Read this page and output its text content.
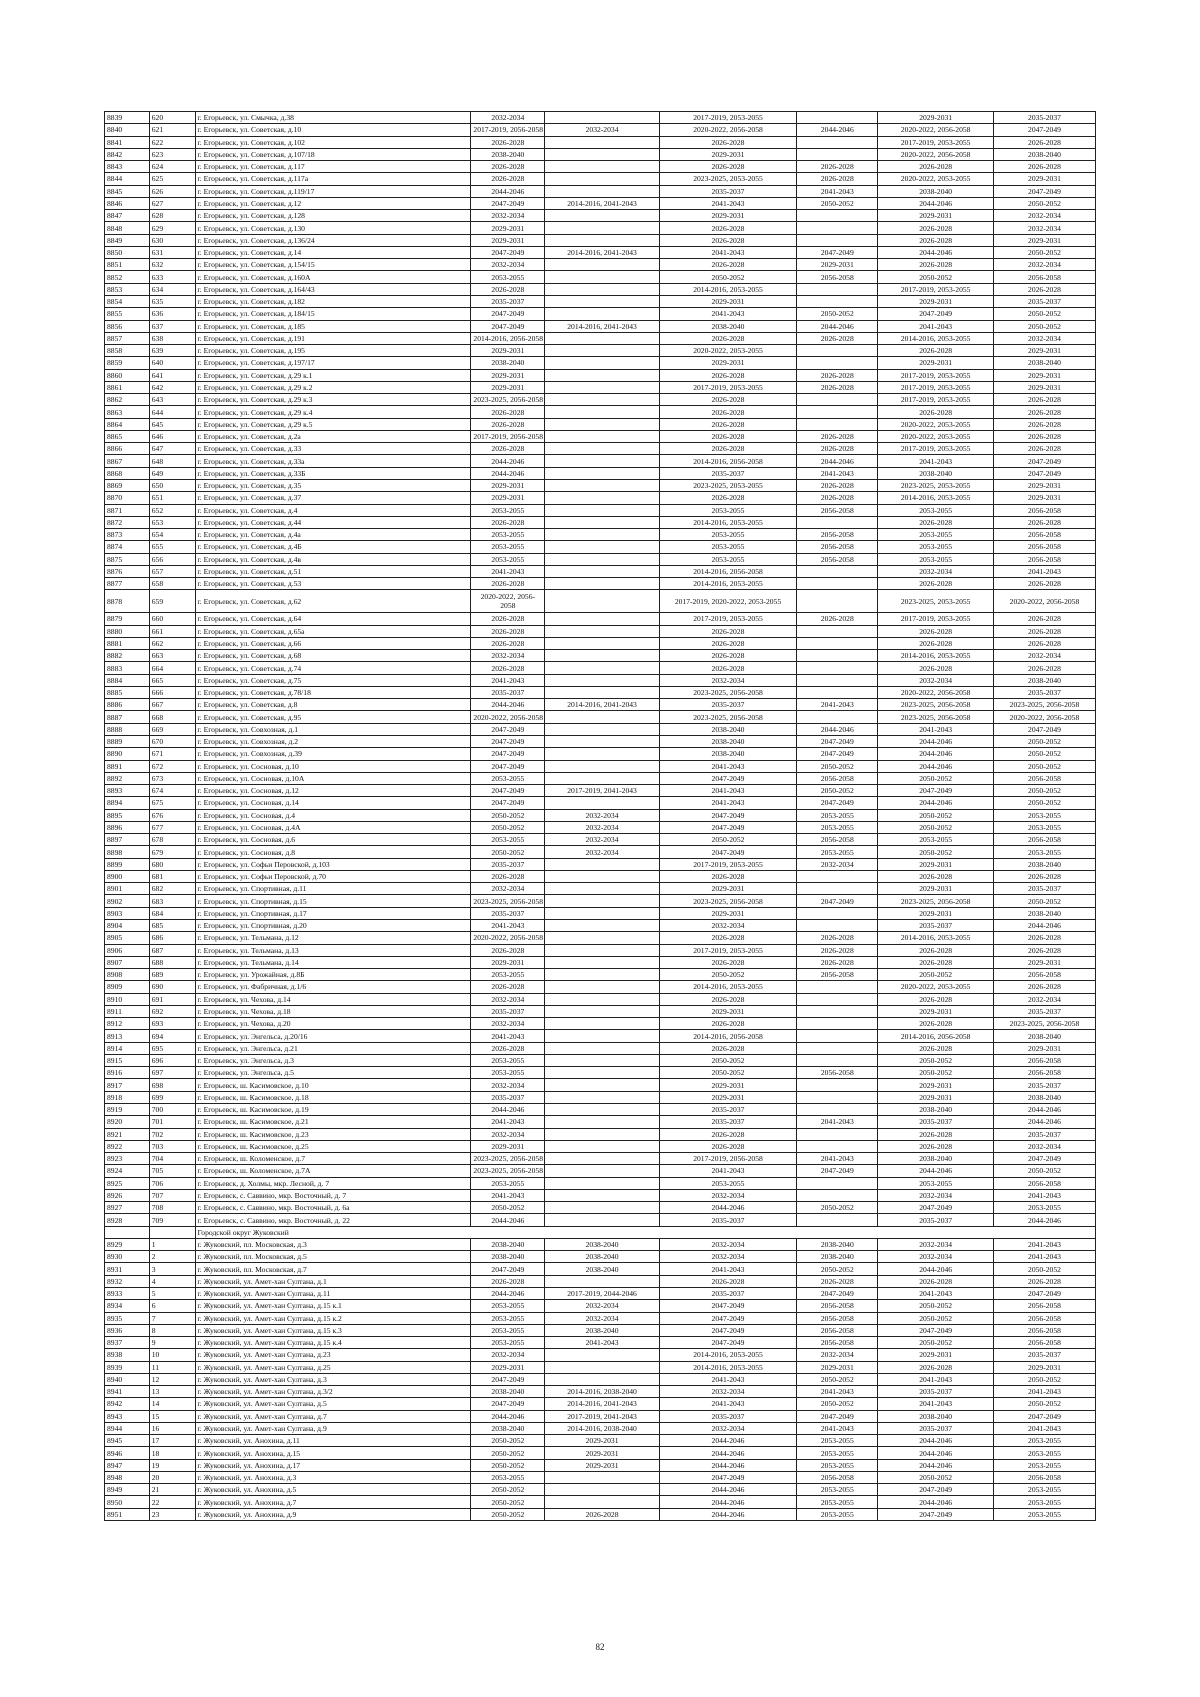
8839	620	г. Егорьевск, ул. Смычка, д.38	2032-2034		2017-2019, 2053-2055		2029-2031	2035-2037
8840	621	г. Егорьевск, ул. Советская, д.10	2017-2019, 2056-2058	2032-2034	2020-2022, 2056-2058	2044-2046	2020-2022, 2056-2058	2047-2049
8841	622	г. Егорьевск, ул. Советская, д.102	2026-2028		2026-2028		2017-2019, 2053-2055	2026-2028
8842	623	г. Егорьевск, ул. Советская, д.107/18	2038-2040		2029-2031		2020-2022, 2056-2058	2038-2040
8843	624	г. Егорьевск, ул. Советская, д.117	2026-2028		2026-2028	2026-2028	2026-2028	2026-2028
8844	625	г. Егорьевск, ул. Советская, д.117а	2026-2028		2023-2025, 2053-2055	2026-2028	2020-2022, 2053-2055	2029-2031
8845	626	г. Егорьевск, ул. Советская, д.119/17	2044-2046		2035-2037	2041-2043	2038-2040	2047-2049
8846	627	г. Егорьевск, ул. Советская, д.12	2047-2049	2014-2016, 2041-2043	2041-2043	2050-2052	2044-2046	2050-2052
8847	628	г. Егорьевск, ул. Советская, д.128	2032-2034		2029-2031		2029-2031	2032-2034
8848	629	г. Егорьевск, ул. Советская, д.130	2029-2031		2026-2028		2026-2028	2032-2034
8849	630	г. Егорьевск, ул. Советская, д.136/24	2029-2031		2026-2028		2026-2028	2029-2031
8850	631	г. Егорьевск, ул. Советская, д.14	2047-2049	2014-2016, 2041-2043	2041-2043	2047-2049	2044-2046	2050-2052
8851	632	г. Егорьевск, ул. Советская, д.154/15	2032-2034		2026-2028	2029-2031	2026-2028	2032-2034
8852	633	г. Егорьевск, ул. Советская, д.160А	2053-2055		2050-2052	2056-2058	2050-2052	2056-2058
8853	634	г. Егорьевск, ул. Советская, д.164/43	2026-2028		2014-2016, 2053-2055		2017-2019, 2053-2055	2026-2028
8854	635	г. Егорьевск, ул. Советская, д.182	2035-2037		2029-2031		2029-2031	2035-2037
8855	636	г. Егорьевск, ул. Советская, д.184/15	2047-2049		2041-2043	2050-2052	2047-2049	2050-2052
8856	637	г. Егорьевск, ул. Советская, д.185	2047-2049	2014-2016, 2041-2043	2038-2040	2044-2046	2041-2043	2050-2052
8857	638	г. Егорьевск, ул. Советская, д.191	2014-2016, 2056-2058		2026-2028	2026-2028	2014-2016, 2053-2055	2032-2034
8858	639	г. Егорьевск, ул. Советская, д.195	2029-2031		2020-2022, 2053-2055		2026-2028	2029-2031
8859	640	г. Егорьевск, ул. Советская, д.197/17	2038-2040		2029-2031		2029-2031	2038-2040
8860	641	г. Егорьевск, ул. Советская, д.29 к.1	2029-2031		2026-2028	2026-2028	2017-2019, 2053-2055	2029-2031
8861	642	г. Егорьевск, ул. Советская, д.29 к.2	2029-2031		2017-2019, 2053-2055	2026-2028	2017-2019, 2053-2055	2029-2031
8862	643	г. Егорьевск, ул. Советская, д.29 к.3	2023-2025, 2056-2058		2026-2028		2017-2019, 2053-2055	2026-2028
8863	644	г. Егорьевск, ул. Советская, д.29 к.4	2026-2028		2026-2028		2026-2028	2026-2028
8864	645	г. Егорьевск, ул. Советская, д.29 к.5	2026-2028		2026-2028		2020-2022, 2053-2055	2026-2028
8865	646	г. Егорьевск, ул. Советская, д.2а	2017-2019, 2056-2058		2026-2028	2026-2028	2020-2022, 2053-2055	2026-2028
8866	647	г. Егорьевск, ул. Советская, д.33	2026-2028		2026-2028	2026-2028	2017-2019, 2053-2055	2026-2028
8867	648	г. Егорьевск, ул. Советская, д.33а	2044-2046		2014-2016, 2056-2058	2044-2046	2041-2043	2047-2049
8868	649	г. Егорьевск, ул. Советская, д.33Б	2044-2046		2035-2037	2041-2043	2038-2040	2047-2049
8869	650	г. Егорьевск, ул. Советская, д.35	2029-2031		2023-2025, 2053-2055	2026-2028	2023-2025, 2053-2055	2029-2031
8870	651	г. Егорьевск, ул. Советская, д.37	2029-2031		2026-2028	2026-2028	2014-2016, 2053-2055	2029-2031
8871	652	г. Егорьевск, ул. Советская, д.4	2053-2055		2053-2055	2056-2058	2053-2055	2056-2058
8872	653	г. Егорьевск, ул. Советская, д.44	2026-2028		2014-2016, 2053-2055		2026-2028	2026-2028
8873	654	г. Егорьевск, ул. Советская, д.4а	2053-2055		2053-2055	2056-2058	2053-2055	2056-2058
8874	655	г. Егорьевск, ул. Советская, д.4Б	2053-2055		2053-2055	2056-2058	2053-2055	2056-2058
8875	656	г. Егорьевск, ул. Советская, д.4в	2053-2055		2053-2055	2056-2058	2053-2055	2056-2058
8876	657	г. Егорьевск, ул. Советская, д.51	2041-2043		2014-2016, 2056-2058		2032-2034	2041-2043
8877	658	г. Егорьевск, ул. Советская, д.53	2026-2028		2014-2016, 2053-2055		2026-2028	2026-2028
8878	659	г. Егорьевск, ул. Советская, д.62	2020-2022, 2056-2058		2017-2019, 2020-2022, 2053-2055		2023-2025, 2053-2055	2020-2022, 2056-2058
8879	660	г. Егорьевск, ул. Советская, д.64	2026-2028		2017-2019, 2053-2055	2026-2028	2017-2019, 2053-2055	2026-2028
8880	661	г. Егорьевск, ул. Советская, д.65а	2026-2028		2026-2028		2026-2028	2026-2028
8881	662	г. Егорьевск, ул. Советская, д.66	2026-2028		2026-2028		2026-2028	2026-2028
8882	663	г. Егорьевск, ул. Советская, д.68	2032-2034		2026-2028		2014-2016, 2053-2055	2032-2034
8883	664	г. Егорьевск, ул. Советская, д.74	2026-2028		2026-2028		2026-2028	2026-2028
8884	665	г. Егорьевск, ул. Советская, д.75	2041-2043		2032-2034		2032-2034	2038-2040
8885	666	г. Егорьевск, ул. Советская, д.78/18	2035-2037		2023-2025, 2056-2058		2020-2022, 2056-2058	2035-2037
8886	667	г. Егорьевск, ул. Советская, д.8	2044-2046	2014-2016, 2041-2043	2035-2037	2041-2043	2023-2025, 2056-2058	2023-2025, 2056-2058
8887	668	г. Егорьевск, ул. Советская, д.95	2020-2022, 2056-2058		2023-2025, 2056-2058		2023-2025, 2056-2058	2020-2022, 2056-2058
8888	669	г. Егорьевск, ул. Совхозная, д.1	2047-2049		2038-2040	2044-2046	2041-2043	2047-2049
8889	670	г. Егорьевск, ул. Совхозная, д.2	2047-2049		2038-2040	2047-2049	2044-2046	2050-2052
8890	671	г. Егорьевск, ул. Совхозная, д.39	2047-2049		2038-2040	2047-2049	2044-2046	2050-2052
8891	672	г. Егорьевск, ул. Сосновая, д.10	2047-2049		2041-2043	2050-2052	2044-2046	2050-2052
8892	673	г. Егорьевск, ул. Сосновая, д.10А	2053-2055		2047-2049	2056-2058	2050-2052	2056-2058
8893	674	г. Егорьевск, ул. Сосновая, д.12	2047-2049	2017-2019, 2041-2043	2041-2043	2050-2052	2047-2049	2050-2052
8894	675	г. Егорьевск, ул. Сосновая, д.14	2047-2049		2041-2043	2047-2049	2044-2046	2050-2052
8895	676	г. Егорьевск, ул. Сосновая, д.4	2050-2052	2032-2034	2047-2049	2053-2055	2050-2052	2053-2055
8896	677	г. Егорьевск, ул. Сосновая, д.4А	2050-2052	2032-2034	2047-2049	2053-2055	2050-2052	2053-2055
8897	678	г. Егорьевск, ул. Сосновая, д.6	2053-2055	2032-2034	2050-2052	2056-2058	2053-2055	2056-2058
8898	679	г. Егорьевск, ул. Сосновая, д.8	2050-2052	2032-2034	2047-2049	2053-2055	2050-2052	2053-2055
8899	680	г. Егорьевск, ул. Софьи Перовской, д.103	2035-2037		2017-2019, 2053-2055	2032-2034	2029-2031	2038-2040
8900	681	г. Егорьевск, ул. Софьи Перовской, д.70	2026-2028		2026-2028		2026-2028	2026-2028
8901	682	г. Егорьевск, ул. Спортивная, д.11	2032-2034		2029-2031		2029-2031	2035-2037
8902	683	г. Егорьевск, ул. Спортивная, д.15	2023-2025, 2056-2058		2023-2025, 2056-2058	2047-2049	2023-2025, 2056-2058	2050-2052
8903	684	г. Егорьевск, ул. Спортивная, д.17	2035-2037		2029-2031		2029-2031	2038-2040
8904	685	г. Егорьевск, ул. Спортивная, д.20	2041-2043		2032-2034		2035-2037	2044-2046
8905	686	г. Егорьевск, ул. Тельмана, д.12	2020-2022, 2056-2058		2026-2028	2026-2028	2014-2016, 2053-2055	2026-2028
8906	687	г. Егорьевск, ул. Тельмана, д.13	2026-2028		2017-2019, 2053-2055	2026-2028	2026-2028	2026-2028
8907	688	г. Егорьевск, ул. Тельмана, д.14	2029-2031		2026-2028	2026-2028	2026-2028	2029-2031
8908	689	г. Егорьевск, ул. Урожайная, д.8Б	2053-2055		2050-2052	2056-2058	2050-2052	2056-2058
8909	690	г. Егорьевск, ул. Фабричная, д.1/6	2026-2028		2014-2016, 2053-2055		2020-2022, 2053-2055	2026-2028
8910	691	г. Егорьевск, ул. Чехова, д.14	2032-2034		2026-2028		2026-2028	2032-2034
8911	692	г. Егорьевск, ул. Чехова, д.18	2035-2037		2029-2031		2029-2031	2035-2037
8912	693	г. Егорьевск, ул. Чехова, д.20	2032-2034		2026-2028		2026-2028	2023-2025, 2056-2058
8913	694	г. Егорьевск, ул. Энгельса, д.20/16	2041-2043		2014-2016, 2056-2058		2014-2016, 2056-2058	2038-2040
8914	695	г. Егорьевск, ул. Энгельса, д.21	2026-2028		2026-2028		2026-2028	2029-2031
8915	696	г. Егорьевск, ул. Энгельса, д.3	2053-2055		2050-2052		2050-2052	2056-2058
8916	697	г. Егорьевск, ул. Энгельса, д.5	2053-2055		2050-2052	2056-2058	2050-2052	2056-2058
8917	698	г. Егорьевск, ш. Касимовское, д.10	2032-2034		2029-2031		2029-2031	2035-2037
8918	699	г. Егорьевск, ш. Касимовское, д.18	2035-2037		2029-2031		2029-2031	2038-2040
8919	700	г. Егорьевск, ш. Касимовское, д.19	2044-2046		2035-2037		2038-2040	2044-2046
8920	701	г. Егорьевск, ш. Касимовское, д.21	2041-2043		2035-2037	2041-2043	2035-2037	2044-2046
8921	702	г. Егорьевск, ш. Касимовское, д.23	2032-2034		2026-2028		2026-2028	2035-2037
8922	703	г. Егорьевск, ш. Касимовское, д.25	2029-2031		2026-2028		2026-2028	2032-2034
8923	704	г. Егорьевск, ш. Коломенское, д.7	2023-2025, 2056-2058		2017-2019, 2056-2058	2041-2043	2038-2040	2047-2049
8924	705	г. Егорьевск, ш. Коломенское, д.7А	2023-2025, 2056-2058		2041-2043	2047-2049	2044-2046	2050-2052
8925	706	г. Егорьевск, д. Холмы, мкр. Лесной, д. 7	2053-2055		2053-2055		2053-2055	2056-2058
8926	707	г. Егорьевск, с. Саввино, мкр. Восточный, д. 7	2041-2043		2032-2034		2032-2034	2041-2043
8927	708	г. Егорьевск, с. Саввино, мкр. Восточный, д. 6а	2050-2052		2044-2046	2050-2052	2047-2049	2053-2055
8928	709	г. Егорьевск, с. Саввино, мкр. Восточный, д. 22	2044-2046		2035-2037		2035-2037	2044-2046
		Городской округ Жуковский						
8929	1	г. Жуковский, пл. Московская, д.3	2038-2040	2038-2040	2032-2034	2038-2040	2032-2034	2041-2043
8930	2	г. Жуковский, пл. Московская, д.5	2038-2040	2038-2040	2032-2034	2038-2040	2032-2034	2041-2043
8931	3	г. Жуковский, пл. Московская, д.7	2047-2049	2038-2040	2041-2043	2050-2052	2044-2046	2050-2052
8932	4	г. Жуковский, ул. Амет-хан Султана, д.1	2026-2028		2026-2028	2026-2028	2026-2028	2026-2028
8933	5	г. Жуковский, ул. Амет-хан Султана, д.11	2044-2046	2017-2019, 2044-2046	2035-2037	2047-2049	2041-2043	2047-2049
8934	6	г. Жуковский, ул. Амет-хан Султана, д.15 к.1	2053-2055	2032-2034	2047-2049	2056-2058	2050-2052	2056-2058
8935	7	г. Жуковский, ул. Амет-хан Султана, д.15 к.2	2053-2055	2032-2034	2047-2049	2056-2058	2050-2052	2056-2058
8936	8	г. Жуковский, ул. Амет-хан Султана, д.15 к.3	2053-2055	2038-2040	2047-2049	2056-2058	2047-2049	2056-2058
8937	9	г. Жуковский, ул. Амет-хан Султана, д.15 к.4	2053-2055	2041-2043	2047-2049	2056-2058	2050-2052	2056-2058
8938	10	г. Жуковский, ул. Амет-хан Султана, д.23	2032-2034		2014-2016, 2053-2055	2032-2034	2029-2031	2035-2037
8939	11	г. Жуковский, ул. Амет-хан Султана, д.25	2029-2031		2014-2016, 2053-2055	2029-2031	2026-2028	2029-2031
8940	12	г. Жуковский, ул. Амет-хан Султана, д.3	2047-2049		2041-2043	2050-2052	2041-2043	2050-2052
8941	13	г. Жуковский, ул. Амет-хан Султана, д.3/2	2038-2040	2014-2016, 2038-2040	2032-2034	2041-2043	2035-2037	2041-2043
8942	14	г. Жуковский, ул. Амет-хан Султана, д.5	2047-2049	2014-2016, 2041-2043	2041-2043	2050-2052	2041-2043	2050-2052
8943	15	г. Жуковский, ул. Амет-хан Султана, д.7	2044-2046	2017-2019, 2041-2043	2035-2037	2047-2049	2038-2040	2047-2049
8944	16	г. Жуковский, ул. Амет-хан Султана, д.9	2038-2040	2014-2016, 2038-2040	2032-2034	2041-2043	2035-2037	2041-2043
8945	17	г. Жуковский, ул. Анохина, д.11	2050-2052	2029-2031	2044-2046	2053-2055	2044-2046	2053-2055
8946	18	г. Жуковский, ул. Анохина, д.15	2050-2052	2029-2031	2044-2046	2053-2055	2044-2046	2053-2055
8947	19	г. Жуковский, ул. Анохина, д.17	2050-2052	2029-2031	2044-2046	2053-2055	2044-2046	2053-2055
8948	20	г. Жуковский, ул. Анохина, д.3	2053-2055		2047-2049	2056-2058	2050-2052	2056-2058
8949	21	г. Жуковский, ул. Анохина, д.5	2050-2052		2044-2046	2053-2055	2047-2049	2053-2055
8950	22	г. Жуковский, ул. Анохина, д.7	2050-2052		2044-2046	2053-2055	2044-2046	2053-2055
8951	23	г. Жуковский, ул. Анохина, д.9	2050-2052	2026-2028	2044-2046	2053-2055	2047-2049	2053-2055
82
